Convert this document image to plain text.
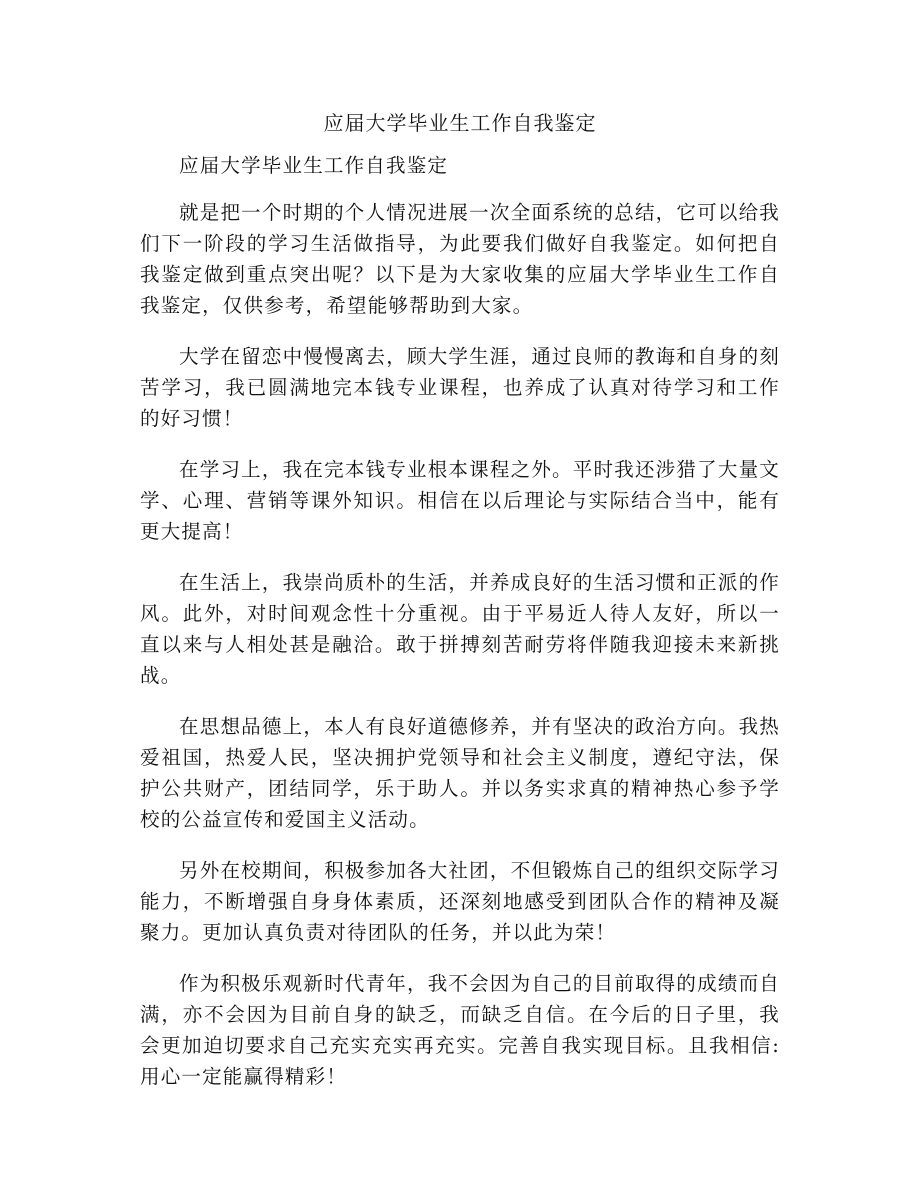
应届大学毕业生工作自我鉴定

应届大学毕业生工作自我鉴定

就是把一个时期的个人情况进展一次全面系统的总结，它可以给我们下一阶段的学习生活做指导，为此要我们做好自我鉴定。如何把自我鉴定做到重点突出呢？以下是为大家收集的应届大学毕业生工作自我鉴定，仅供参考，希望能够帮助到大家。

大学在留恋中慢慢离去，顾大学生涯，通过良师的教诲和自身的刻苦学习，我已圆满地完本钱专业课程，也养成了认真对待学习和工作的好习惯！

在学习上，我在完本钱专业根本课程之外。平时我还涉猎了大量文学、心理、营销等课外知识。相信在以后理论与实际结合当中，能有更大提高！

在生活上，我崇尚质朴的生活，并养成良好的生活习惯和正派的作风。此外，对时间观念性十分重视。由于平易近人待人友好，所以一直以来与人相处甚是融洽。敢于拼搏刻苦耐劳将伴随我迎接未来新挑战。

在思想品德上，本人有良好道德修养，并有坚决的政治方向。我热爱祖国，热爱人民，坚决拥护党领导和社会主义制度，遵纪守法，保护公共财产，团结同学，乐于助人。并以务实求真的精神热心参予学校的公益宣传和爱国主义活动。

另外在校期间，积极参加各大社团，不但锻炼自己的组织交际学习能力，不断增强自身身体素质，还深刻地感受到团队合作的精神及凝聚力。更加认真负责对待团队的任务，并以此为荣！

作为积极乐观新时代青年，我不会因为自己的目前取得的成绩而自满，亦不会因为目前自身的缺乏，而缺乏自信。在今后的日子里，我会更加迫切要求自己充实充实再充实。完善自我实现目标。且我相信:用心一定能赢得精彩！
